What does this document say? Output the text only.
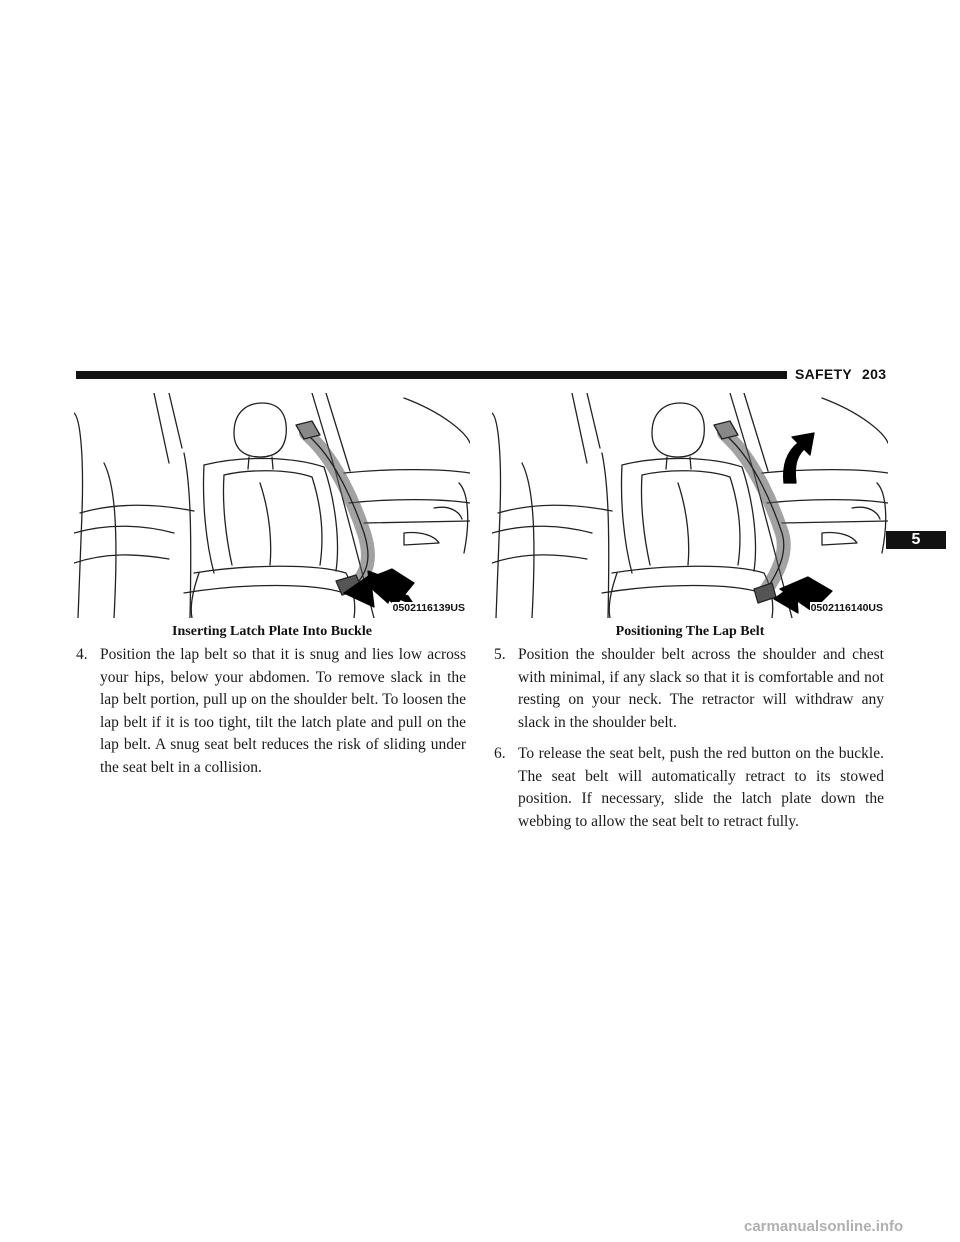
SAFETY 203
0502116139US
Inserting Latch Plate Into Buckle
0502116140US
Positioning The Lap Belt

4. Position the lap belt so that it is snug and lies low across your hips, below your abdomen. To remove slack in the lap belt portion, pull up on the shoulder belt. To loosen the lap belt if it is too tight, tilt the latch plate and pull on the lap belt. A snug seat belt reduces the risk of sliding under the seat belt in a collision.

5. Position the shoulder belt across the shoulder and chest with minimal, if any slack so that it is comfortable and not resting on your neck. The retractor will withdraw any slack in the shoulder belt.

6. To release the seat belt, push the red button on the buckle. The seat belt will automatically retract to its stowed position. If necessary, slide the latch plate down the webbing to allow the seat belt to retract fully.

5
carmanualsonline.info
